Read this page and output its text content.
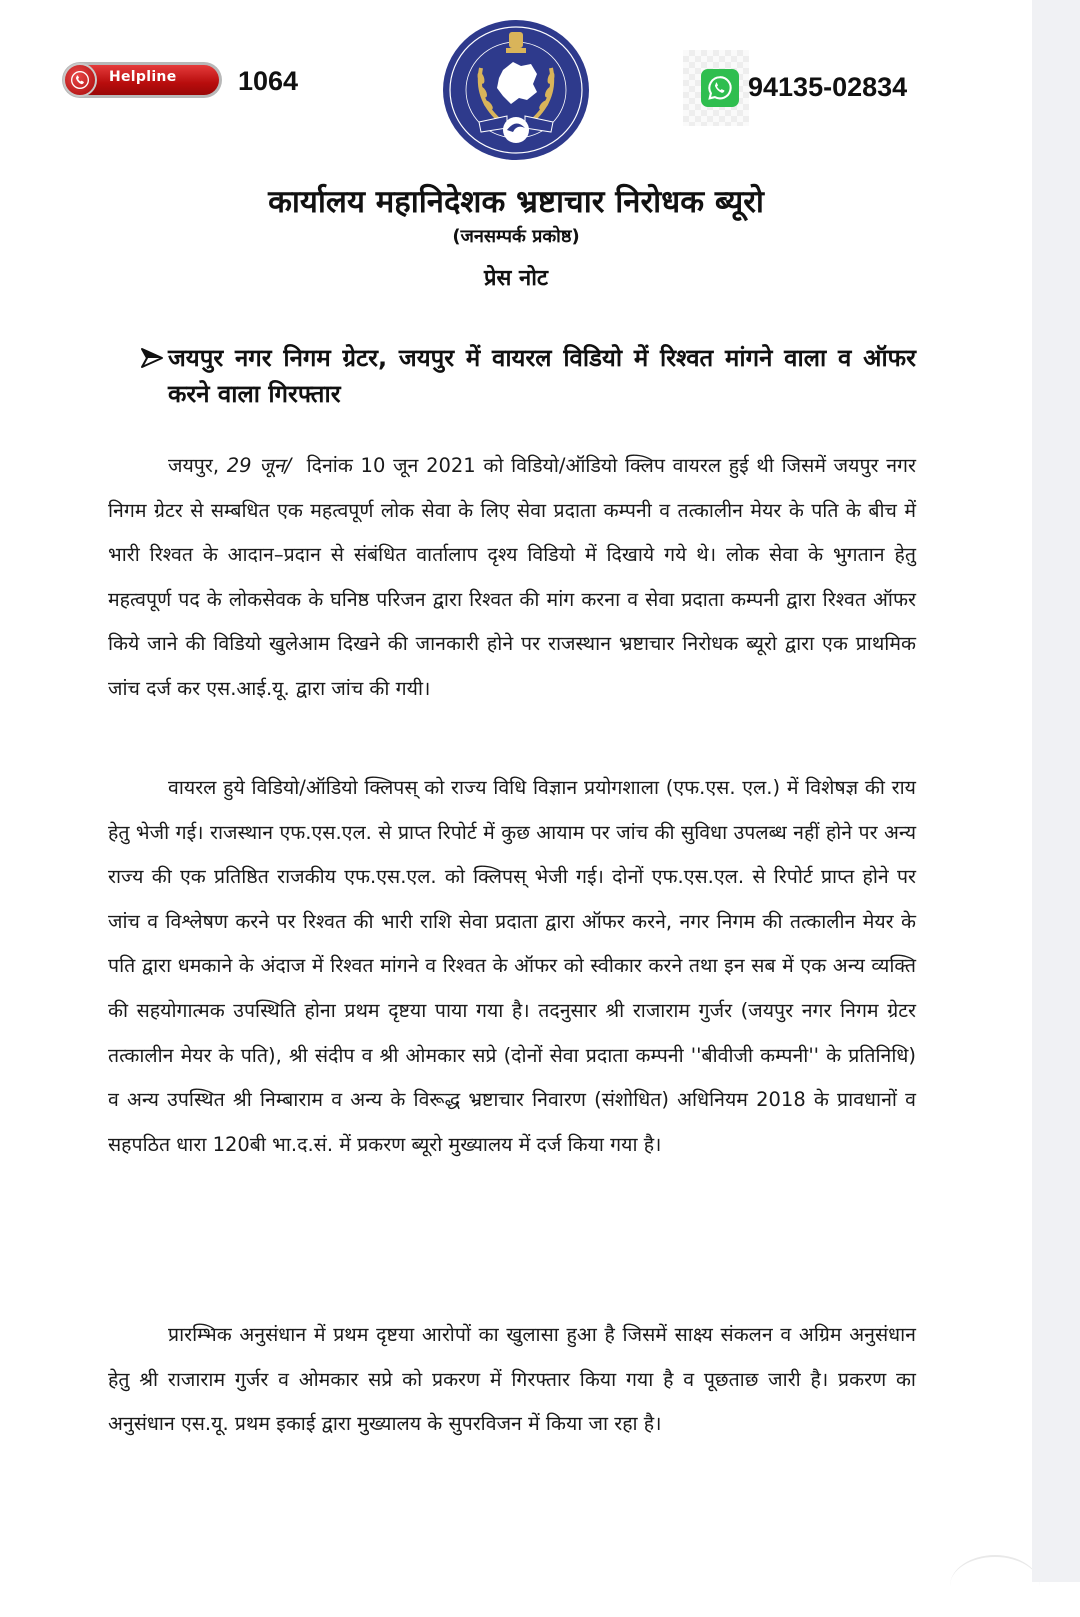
Helpline 1064	94135-02834
कार्यालय महानिदेशक भ्रष्टाचार निरोधक ब्यूरो
(जनसम्पर्क प्रकोष्ठ)
प्रेस नोट
जयपुर नगर निगम ग्रेटर, जयपुर में वायरल विडियो में रिश्वत मांगने वाला व ऑफर करने वाला गिरफ्तार

जयपुर, 29 जून/ दिनांक 10 जून 2021 को विडियो/ऑडियो क्लिप वायरल हुई थी जिसमें जयपुर नगर निगम ग्रेटर से सम्बधित एक महत्वपूर्ण लोक सेवा के लिए सेवा प्रदाता कम्पनी व तत्कालीन मेयर के पति के बीच में भारी रिश्वत के आदान–प्रदान से संबंधित वार्तालाप दृश्य विडियो में दिखाये गये थे। लोक सेवा के भुगतान हेतु महत्वपूर्ण पद के लोकसेवक के घनिष्ठ परिजन द्वारा रिश्वत की मांग करना व सेवा प्रदाता कम्पनी द्वारा रिश्वत ऑफर किये जाने की विडियो खुलेआम दिखने की जानकारी होने पर राजस्थान भ्रष्टाचार निरोधक ब्यूरो द्वारा एक प्राथमिक जांच दर्ज कर एस.आई.यू. द्वारा जांच की गयी।

वायरल हुये विडियो/ऑडियो क्लिपस् को राज्य विधि विज्ञान प्रयोगशाला (एफ.एस. एल.) में विशेषज्ञ की राय हेतु भेजी गई। राजस्थान एफ.एस.एल. से प्राप्त रिपोर्ट में कुछ आयाम पर जांच की सुविधा उपलब्ध नहीं होने पर अन्य राज्य की एक प्रतिष्ठित राजकीय एफ.एस.एल. को क्लिपस् भेजी गई। दोनों एफ.एस.एल. से रिपोर्ट प्राप्त होने पर जांच व विश्लेषण करने पर रिश्वत की भारी राशि सेवा प्रदाता द्वारा ऑफर करने, नगर निगम की तत्कालीन मेयर के पति द्वारा धमकाने के अंदाज में रिश्वत मांगने व रिश्वत के ऑफर को स्वीकार करने तथा इन सब में एक अन्य व्यक्ति की सहयोगात्मक उपस्थिति होना प्रथम दृष्टया पाया गया है। तदनुसार श्री राजाराम गुर्जर (जयपुर नगर निगम ग्रेटर तत्कालीन मेयर के पति), श्री संदीप व श्री ओमकार सप्रे (दोनों सेवा प्रदाता कम्पनी ''बीवीजी कम्पनी'' के प्रतिनिधि) व अन्य उपस्थित श्री निम्बाराम व अन्य के विरूद्ध भ्रष्टाचार निवारण (संशोधित) अधिनियम 2018 के प्रावधानों व सहपठित धारा 120बी भा.द.सं. में प्रकरण ब्यूरो मुख्यालय में दर्ज किया गया है।

प्रारम्भिक अनुसंधान में प्रथम दृष्टया आरोपों का खुलासा हुआ है जिसमें साक्ष्य संकलन व अग्रिम अनुसंधान हेतु श्री राजाराम गुर्जर व ओमकार सप्रे को प्रकरण में गिरफ्तार किया गया है व पूछताछ जारी है। प्रकरण का अनुसंधान एस.यू. प्रथम इकाई द्वारा मुख्यालय के सुपरविजन में किया जा रहा है।
